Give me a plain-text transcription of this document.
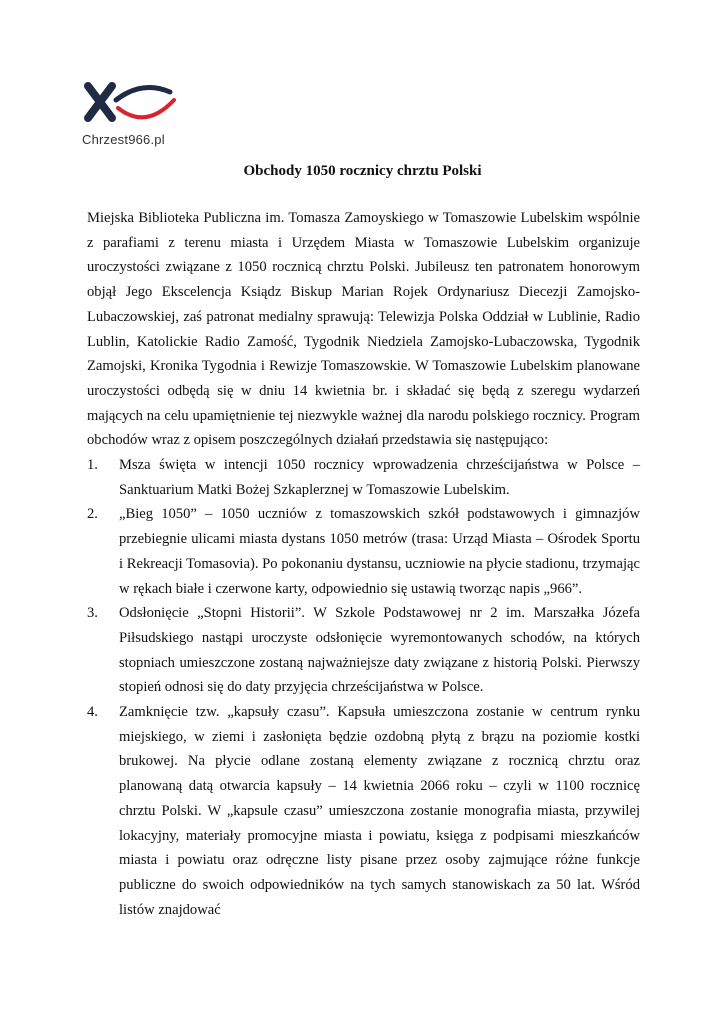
Chrzest966.pl
Obchody 1050 rocznicy chrztu Polski

Miejska Biblioteka Publiczna im. Tomasza Zamoyskiego w Tomaszowie Lubelskim wspólnie z parafiami z terenu miasta i Urzędem Miasta w Tomaszowie Lubelskim organizuje uroczystości związane z 1050 rocznicą chrztu Polski. Jubileusz ten patronatem honorowym objął Jego Ekscelencja Ksiądz Biskup Marian Rojek Ordynariusz Diecezji Zamojsko-Lubaczowskiej, zaś patronat medialny sprawują: Telewizja Polska Oddział w Lublinie, Radio Lublin, Katolickie Radio Zamość, Tygodnik Niedziela Zamojsko-Lubaczowska, Tygodnik Zamojski, Kronika Tygodnia i Rewizje Tomaszowskie. W Tomaszowie Lubelskim planowane uroczystości odbędą się w dniu 14 kwietnia br. i składać się będą z szeregu wydarzeń mających na celu upamiętnienie tej niezwykle ważnej dla narodu polskiego rocznicy. Program obchodów wraz z opisem poszczególnych działań przedstawia się następująco:

1. Msza święta w intencji 1050 rocznicy wprowadzenia chrześcijaństwa w Polsce – Sanktuarium Matki Bożej Szkaplerznej w Tomaszowie Lubelskim.
2. „Bieg 1050” – 1050 uczniów z tomaszowskich szkół podstawowych i gimnazjów przebiegnie ulicami miasta dystans 1050 metrów (trasa: Urząd Miasta – Ośrodek Sportu i Rekreacji Tomasovia). Po pokonaniu dystansu, uczniowie na płycie stadionu, trzymając w rękach białe i czerwone karty, odpowiednio się ustawią tworząc napis „966”.
3. Odsłonięcie „Stopni Historii”. W Szkole Podstawowej nr 2 im. Marszałka Józefa Piłsudskiego nastąpi uroczyste odsłonięcie wyremontowanych schodów, na których stopniach umieszczone zostaną najważniejsze daty związane z historią Polski. Pierwszy stopień odnosi się do daty przyjęcia chrześcijaństwa w Polsce.
4. Zamknięcie tzw. „kapsuły czasu”. Kapsuła umieszczona zostanie w centrum rynku miejskiego, w ziemi i zasłonięta będzie ozdobną płytą z brązu na poziomie kostki brukowej. Na płycie odlane zostaną elementy związane z rocznicą chrztu oraz planowaną datą otwarcia kapsuły – 14 kwietnia 2066 roku – czyli w 1100 rocznicę chrztu Polski. W „kapsule czasu” umieszczona zostanie monografia miasta, przywilej lokacyjny, materiały promocyjne miasta i powiatu, księga z podpisami mieszkańców miasta i powiatu oraz odręczne listy pisane przez osoby zajmujące różne funkcje publiczne do swoich odpowiedników na tych samych stanowiskach za 50 lat. Wśród listów znajdować
